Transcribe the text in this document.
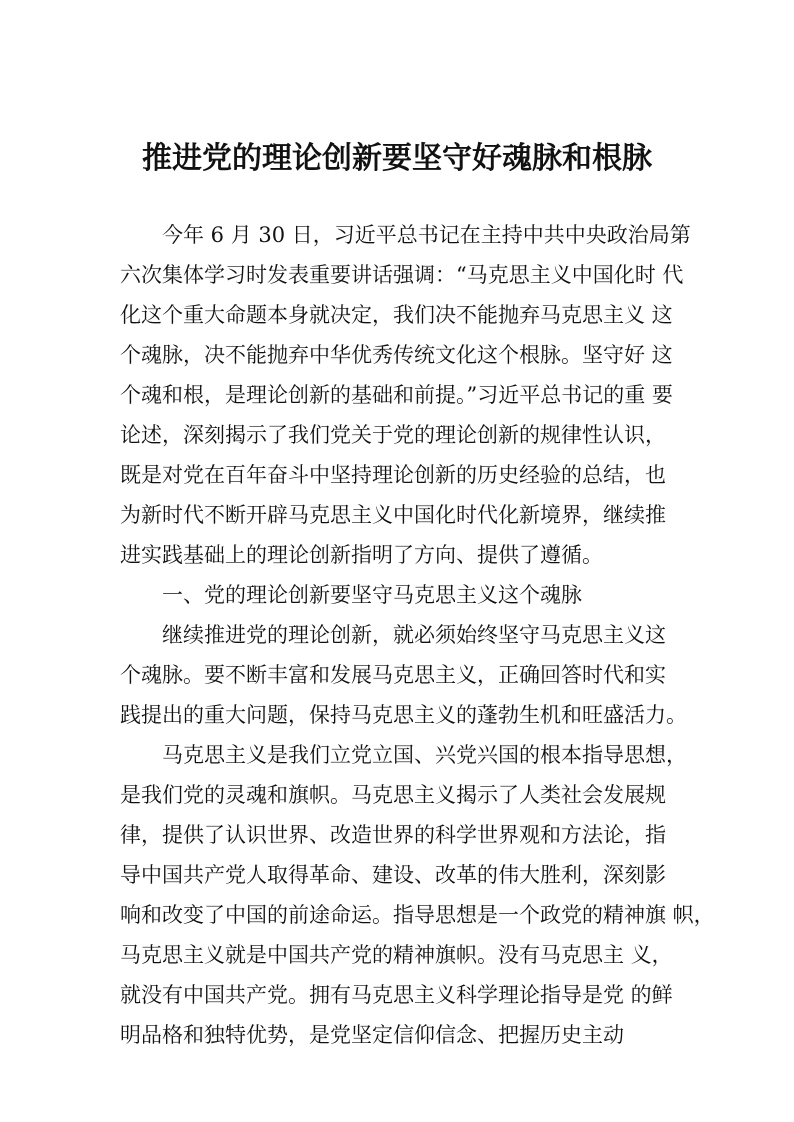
推进党的理论创新要坚守好魂脉和根脉
今年 6 月 30 日，习近平总书记在主持中共中央政治局第
六次集体学习时发表重要讲话强调：“马克思主义中国化时 代
化这个重大命题本身就决定，我们决不能抛弃马克思主义 这
个魂脉，决不能抛弃中华优秀传统文化这个根脉。坚守好 这
个魂和根，是理论创新的基础和前提。”习近平总书记的重 要
论述，深刻揭示了我们党关于党的理论创新的规律性认识，
既是对党在百年奋斗中坚持理论创新的历史经验的总结，也
为新时代不断开辟马克思主义中国化时代化新境界，继续推
进实践基础上的理论创新指明了方向、提供了遵循。
一、党的理论创新要坚守马克思主义这个魂脉
继续推进党的理论创新，就必须始终坚守马克思主义这
个魂脉。要不断丰富和发展马克思主义，正确回答时代和实
践提出的重大问题，保持马克思主义的蓬勃生机和旺盛活力。
马克思主义是我们立党立国、兴党兴国的根本指导思想，
是我们党的灵魂和旗帜。马克思主义揭示了人类社会发展规
律，提供了认识世界、改造世界的科学世界观和方法论，指
导中国共产党人取得革命、建设、改革的伟大胜利，深刻影
响和改变了中国的前途命运。指导思想是一个政党的精神旗 帜，
马克思主义就是中国共产党的精神旗帜。没有马克思主 义，
就没有中国共产党。拥有马克思主义科学理论指导是党 的鲜
明品格和独特优势，是党坚定信仰信念、把握历史主动
